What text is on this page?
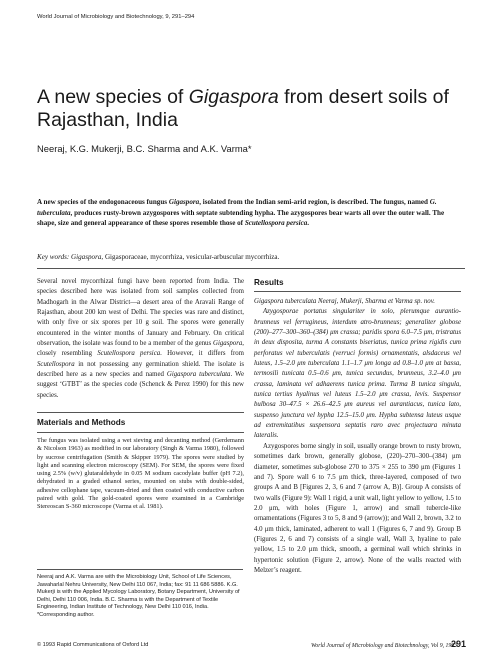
World Journal of Microbiology and Biotechnology, 9, 291–294
A new species of Gigaspora from desert soils of Rajasthan, India
Neeraj, K.G. Mukerji, B.C. Sharma and A.K. Varma*

A new species of the endogonaceous fungus Gigaspora, isolated from the Indian semi-arid region, is described. The fungus, named G. tuberculata, produces rusty-brown azygospores with septate subtending hypha. The azygospores bear warts all over the outer wall. The shape, size and general appearance of these spores resemble those of Scutellospora persica.

Key words: Gigaspora, Gigasporaceae, mycorrhiza, vesicular-arbuscular mycorrhiza.

Several novel mycorrhizal fungi have been reported from India. The species described here was isolated from soil samples collected from Madhogarh in the Alwar District—a desert area of the Aravali Range of Rajasthan, about 200 km west of Delhi. The species was rare and distinct, with only five or six spores per 10 g soil. The spores were generally encountered in the winter months of January and February. On critical observation, the isolate was found to be a member of the genus Gigaspora, closely resembling Scutellospora persica. However, it differs from Scutellospora in not possessing any germination shield. The isolate is described here as a new species and named Gigaspora tuberculata. We suggest ‘GTBT’ as the species code (Schenck & Perez 1990) for this new species.

Materials and Methods

The fungus was isolated using a wet sieving and decanting method (Gerdemann & Nicolson 1963) as modified in our laboratory (Singh & Varma 1980), followed by sucrose centrifugation (Smith & Skipper 1979). The spores were studied by light and scanning electron microscopy (SEM). For SEM, the spores were fixed using 2.5% (w/v) glutaraldehyde in 0.05 M sodium cacodylate buffer (pH 7.2), dehydrated in a graded ethanol series, mounted on stubs with double-sided, adhesive cellophane tape, vacuum-dried and then coated with conductive carbon paired with gold. The gold-coated spores were examined in a Cambridge Stereoscan S-360 microscope (Varma et al. 1981).

Neeraj and A.K. Varma are with the Microbiology Unit, School of Life Sciences, Jawaharlal Nehru University, New Delhi 110 067, India; fax: 91 11 686 5886. K.G. Mukerji is with the Applied Mycology Laboratory, Botany Department, University of Delhi, Delhi 110 006, India. B.C. Sharma is with the Department of Textile Engineering, Indian Institute of Technology, New Delhi 110 016, India. *Corresponding author.

© 1993 Rapid Communications of Oxford Ltd
Results

Gigaspora tuberculata Neeraj, Mukerji, Sharma et Varma sp. nov.

Azygosporae portatus singulariter in solo, plerumque aurantio-brunneus vel ferrugineus, interdum atro-brunneus; generaliter globose (200)–277–300–360–(384) μm crassa; paridis spora 6.0–7.5 μm, tristratus in deux disposita, turma A constants biseriatus, tunica prima rigidis cum perforatus vel tuberculatis (verruci formis) ornamentatis, alsdaceus vel luteus, 1.5–2.0 μm tuberculata 1.1–1.7 μm longa ad 0.8–1.0 μm at bassa, termosili tunicata 0.5–0.6 μm, tunica secundus, brunneus, 3.2–4.0 μm crassa, laminata vel adhaerens tunica prima. Turma B tunica singula, tunica tertius hyalinus vel luteus 1.5–2.0 μm crassa, levis. Suspensor bulbosa 30–47.5 × 26.6–42.5 μm aureus vel aurantiacus, tunica lato, suspenso junctura vel hypha 12.5–15.0 μm. Hypha subtensa luteus usque ad extremitatibus suspensora septatis raro avec projectuara minuta lateralis.

Azygospores borne singly in soil, usually orange brown to rusty brown, sometimes dark brown, generally globose, (220)–270–300–(384) μm diameter, sometimes sub-globose 270 to 375 × 255 to 390 μm (Figures 1 and 7). Spore wall 6 to 7.5 μm thick, three-layered, composed of two groups A and B [Figures 2, 3, 6 and 7 (arrow A, B)]. Group A consists of two walls (Figure 9): Wall 1 rigid, a unit wall, light yellow to yellow, 1.5 to 2.0 μm, with holes (Figure 1, arrow) and small tubercle-like ornamentations (Figures 3 to 5, 8 and 9 (arrow)); and Wall 2, brown, 3.2 to 4.0 μm thick, laminated, adherent to wall 1 (Figures 6, 7 and 9). Group B (Figures 2, 6 and 7) consists of a single wall, Wall 3, hyaline to pale yellow, 1.5 to 2.0 μm thick, smooth, a germinal wall which shrinks in hypertonic solution (Figure 2, arrow). None of the walls reacted with Melzer’s reagent.

World Journal of Microbiology and Biotechnology, Vol 9, 1993
291
